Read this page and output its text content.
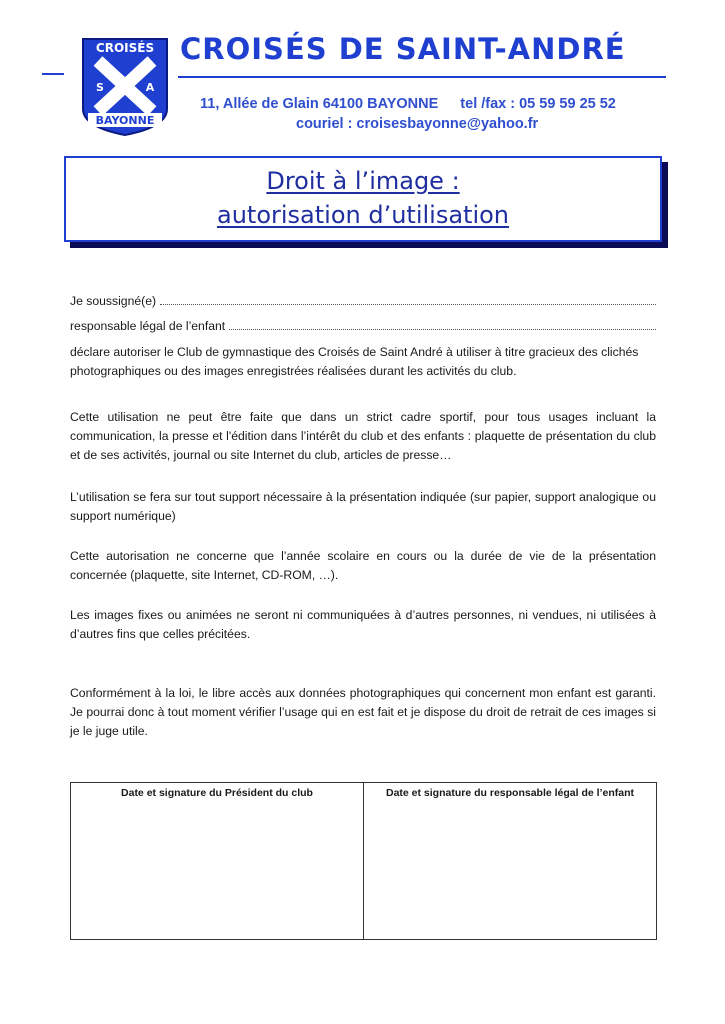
CROISÉS
S	A
BAYONNE
CROISÉS DE SAINT-ANDRÉ
11, Allée de Glain 64100 BAYONNE tel /fax : 05 59 59 25 52
couriel : croisesbayonne@yahoo.fr
Droit à l’image :
autorisation d’utilisation
Je soussigné(e)
responsable légal de l’enfant
déclare autoriser le Club de gymnastique des Croisés de Saint André à utiliser à titre gracieux des clichés photographiques ou des images enregistrées réalisées durant les activités du club.
Cette utilisation ne peut être faite que dans un strict cadre sportif, pour tous usages incluant la communication, la presse et l'édition dans l’intérêt du club et des enfants : plaquette de présentation du club et de ses activités, journal ou site Internet du club, articles de presse…
L’utilisation se fera sur tout support nécessaire à la présentation indiquée (sur papier, support analogique ou support numérique)
Cette autorisation ne concerne que l’année scolaire en cours ou la durée de vie de la présentation concernée (plaquette, site Internet, CD-ROM, …).
Les images fixes ou animées ne seront ni communiquées à d’autres personnes, ni vendues, ni utilisées à d’autres fins que celles précitées.
Conformément à la loi, le libre accès aux données photographiques qui concernent mon enfant est garanti. Je pourrai donc à tout moment vérifier l’usage qui en est fait et je dispose du droit de retrait de ces images si je le juge utile.
Date et signature du Président du club	Date et signature du responsable légal de l’enfant
